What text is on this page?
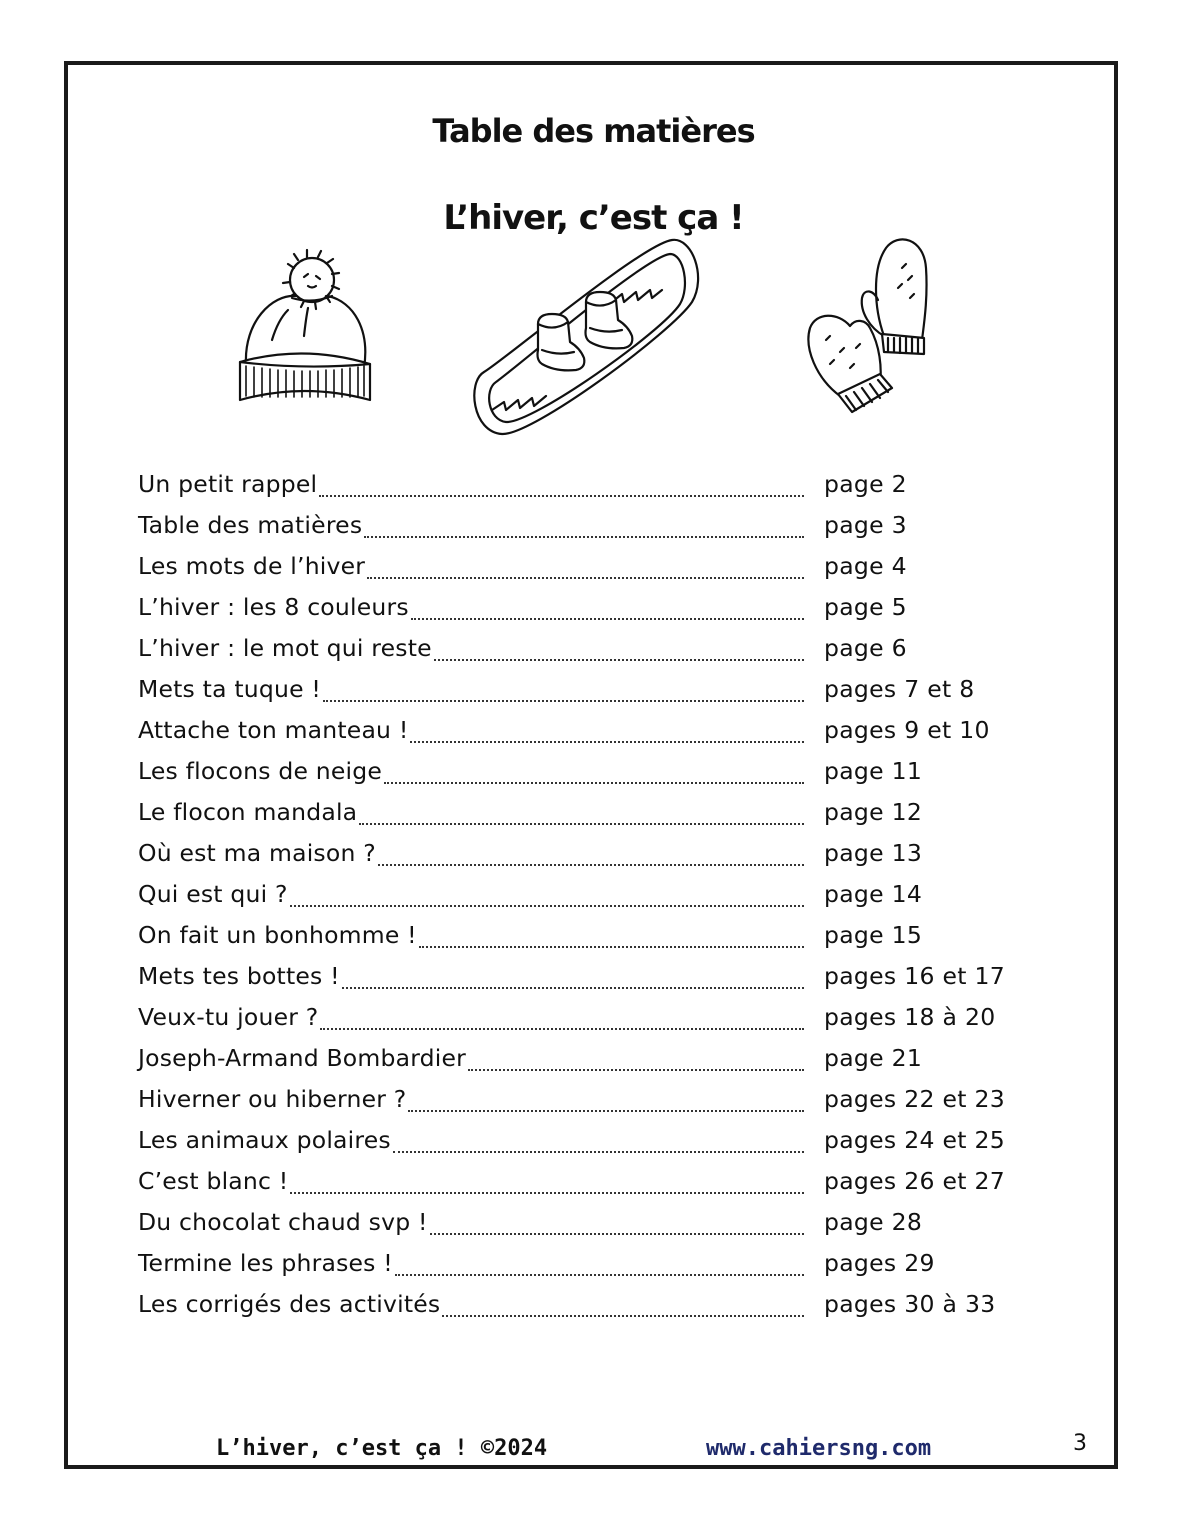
Table des matières
L’hiver, c’est ça !
Un petit rappel	page 2
Table des matières	page 3
Les mots de l’hiver	page 4
L’hiver : les 8 couleurs	page 5
L’hiver : le mot qui reste	page 6
Mets ta tuque !	pages 7 et 8
Attache ton manteau !	pages 9 et 10
Les flocons de neige	page 11
Le flocon mandala	page 12
Où est ma maison ?	page 13
Qui est qui ?	page 14
On fait un bonhomme !	page 15
Mets tes bottes !	pages 16 et 17
Veux-tu jouer ?	pages 18 à 20
Joseph-Armand Bombardier	page 21
Hiverner ou hiberner ?	pages 22 et 23
Les animaux polaires	pages 24 et 25
C’est blanc !	pages 26 et 27
Du chocolat chaud svp !	page 28
Termine les phrases !	pages 29
Les corrigés des activités	pages 30 à 33
L’hiver, c’est ça ! ©2024	www.cahiersng.com	3
